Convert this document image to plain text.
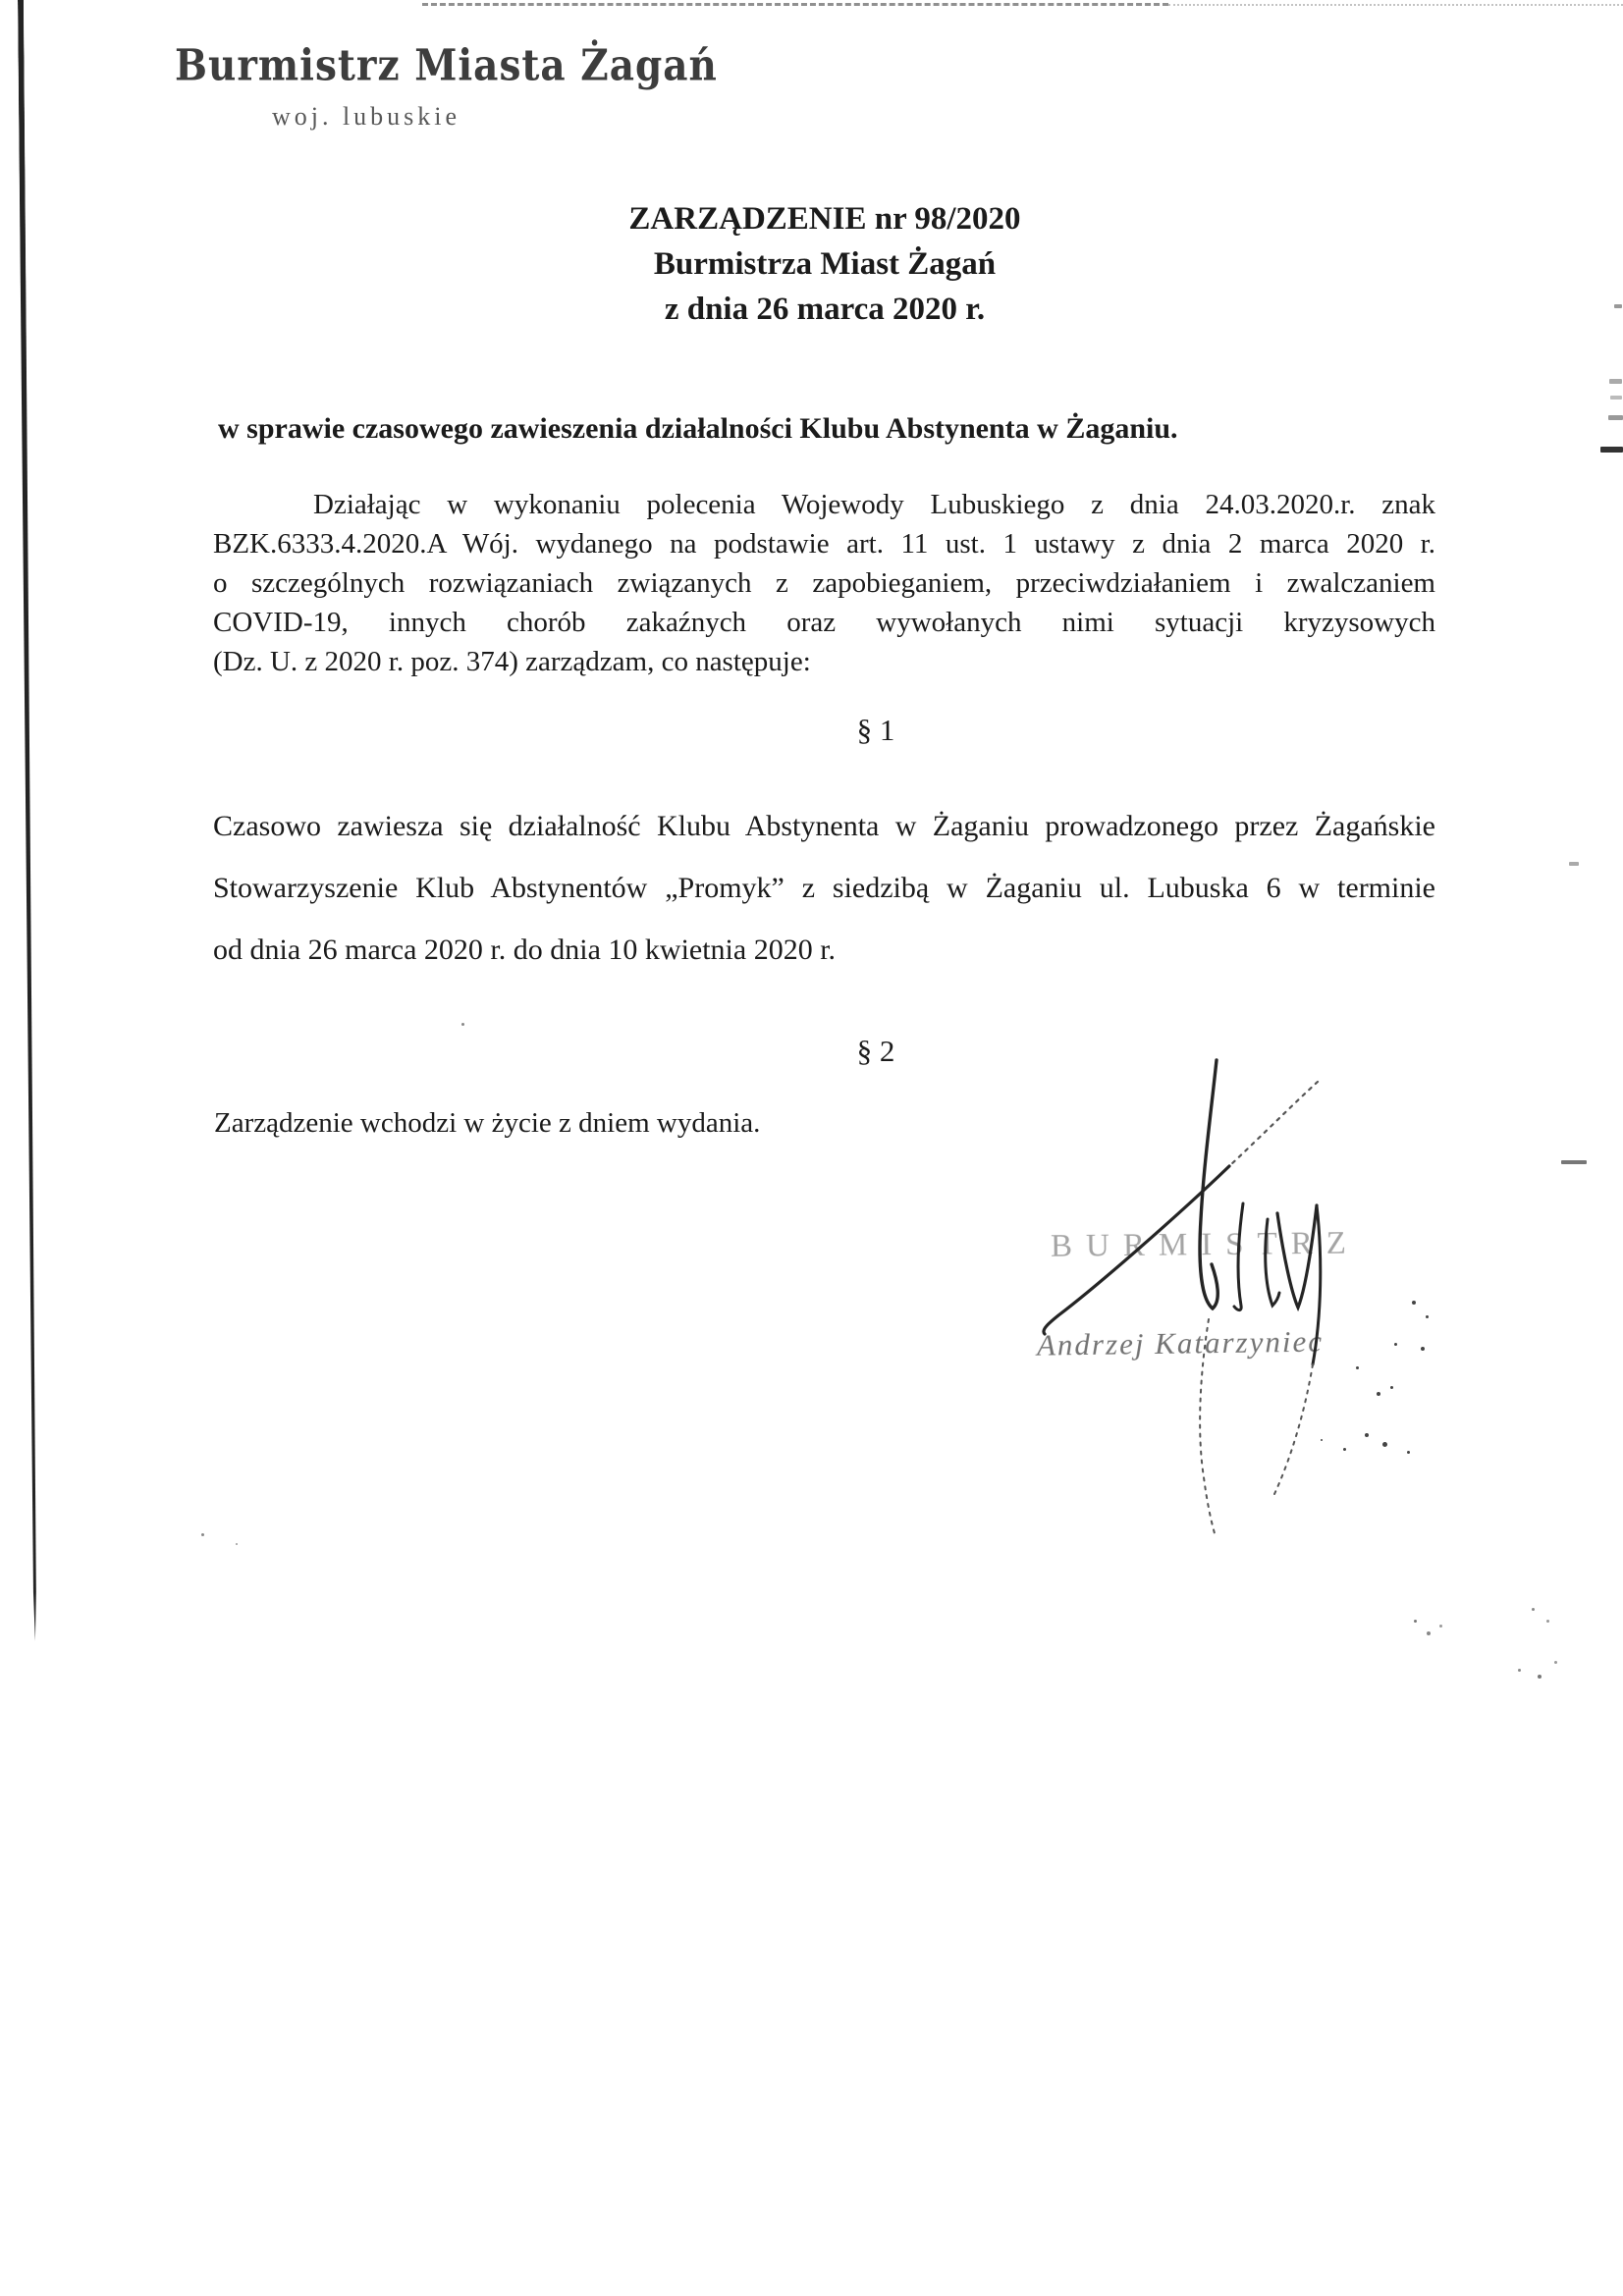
Burmistrz Miasta Żagań
woj. lubuskie
ZARZĄDZENIE nr 98/2020
Burmistrza Miast Żagań
z dnia 26 marca 2020 r.
w sprawie czasowego zawieszenia działalności Klubu Abstynenta w Żaganiu.
Działając w wykonaniu polecenia Wojewody Lubuskiego z dnia 24.03.2020.r. znak
BZK.6333.4.2020.A Wój. wydanego na podstawie art. 11 ust. 1 ustawy z dnia 2 marca 2020 r.
o szczególnych rozwiązaniach związanych z zapobieganiem, przeciwdziałaniem i zwalczaniem
COVID-19, innych chorób zakaźnych oraz wywołanych nimi sytuacji kryzysowych
(Dz. U. z 2020 r. poz. 374) zarządzam, co następuje:
§ 1
Czasowo zawiesza się działalność Klubu Abstynenta w Żaganiu prowadzonego przez Żagańskie
Stowarzyszenie Klub Abstynentów „Promyk” z siedzibą w Żaganiu ul. Lubuska 6 w terminie
od dnia 26 marca 2020 r. do dnia 10 kwietnia 2020 r.
§ 2
Zarządzenie wchodzi w życie z dniem wydania.
BURMISTRZ
Andrzej Katarzyniec
